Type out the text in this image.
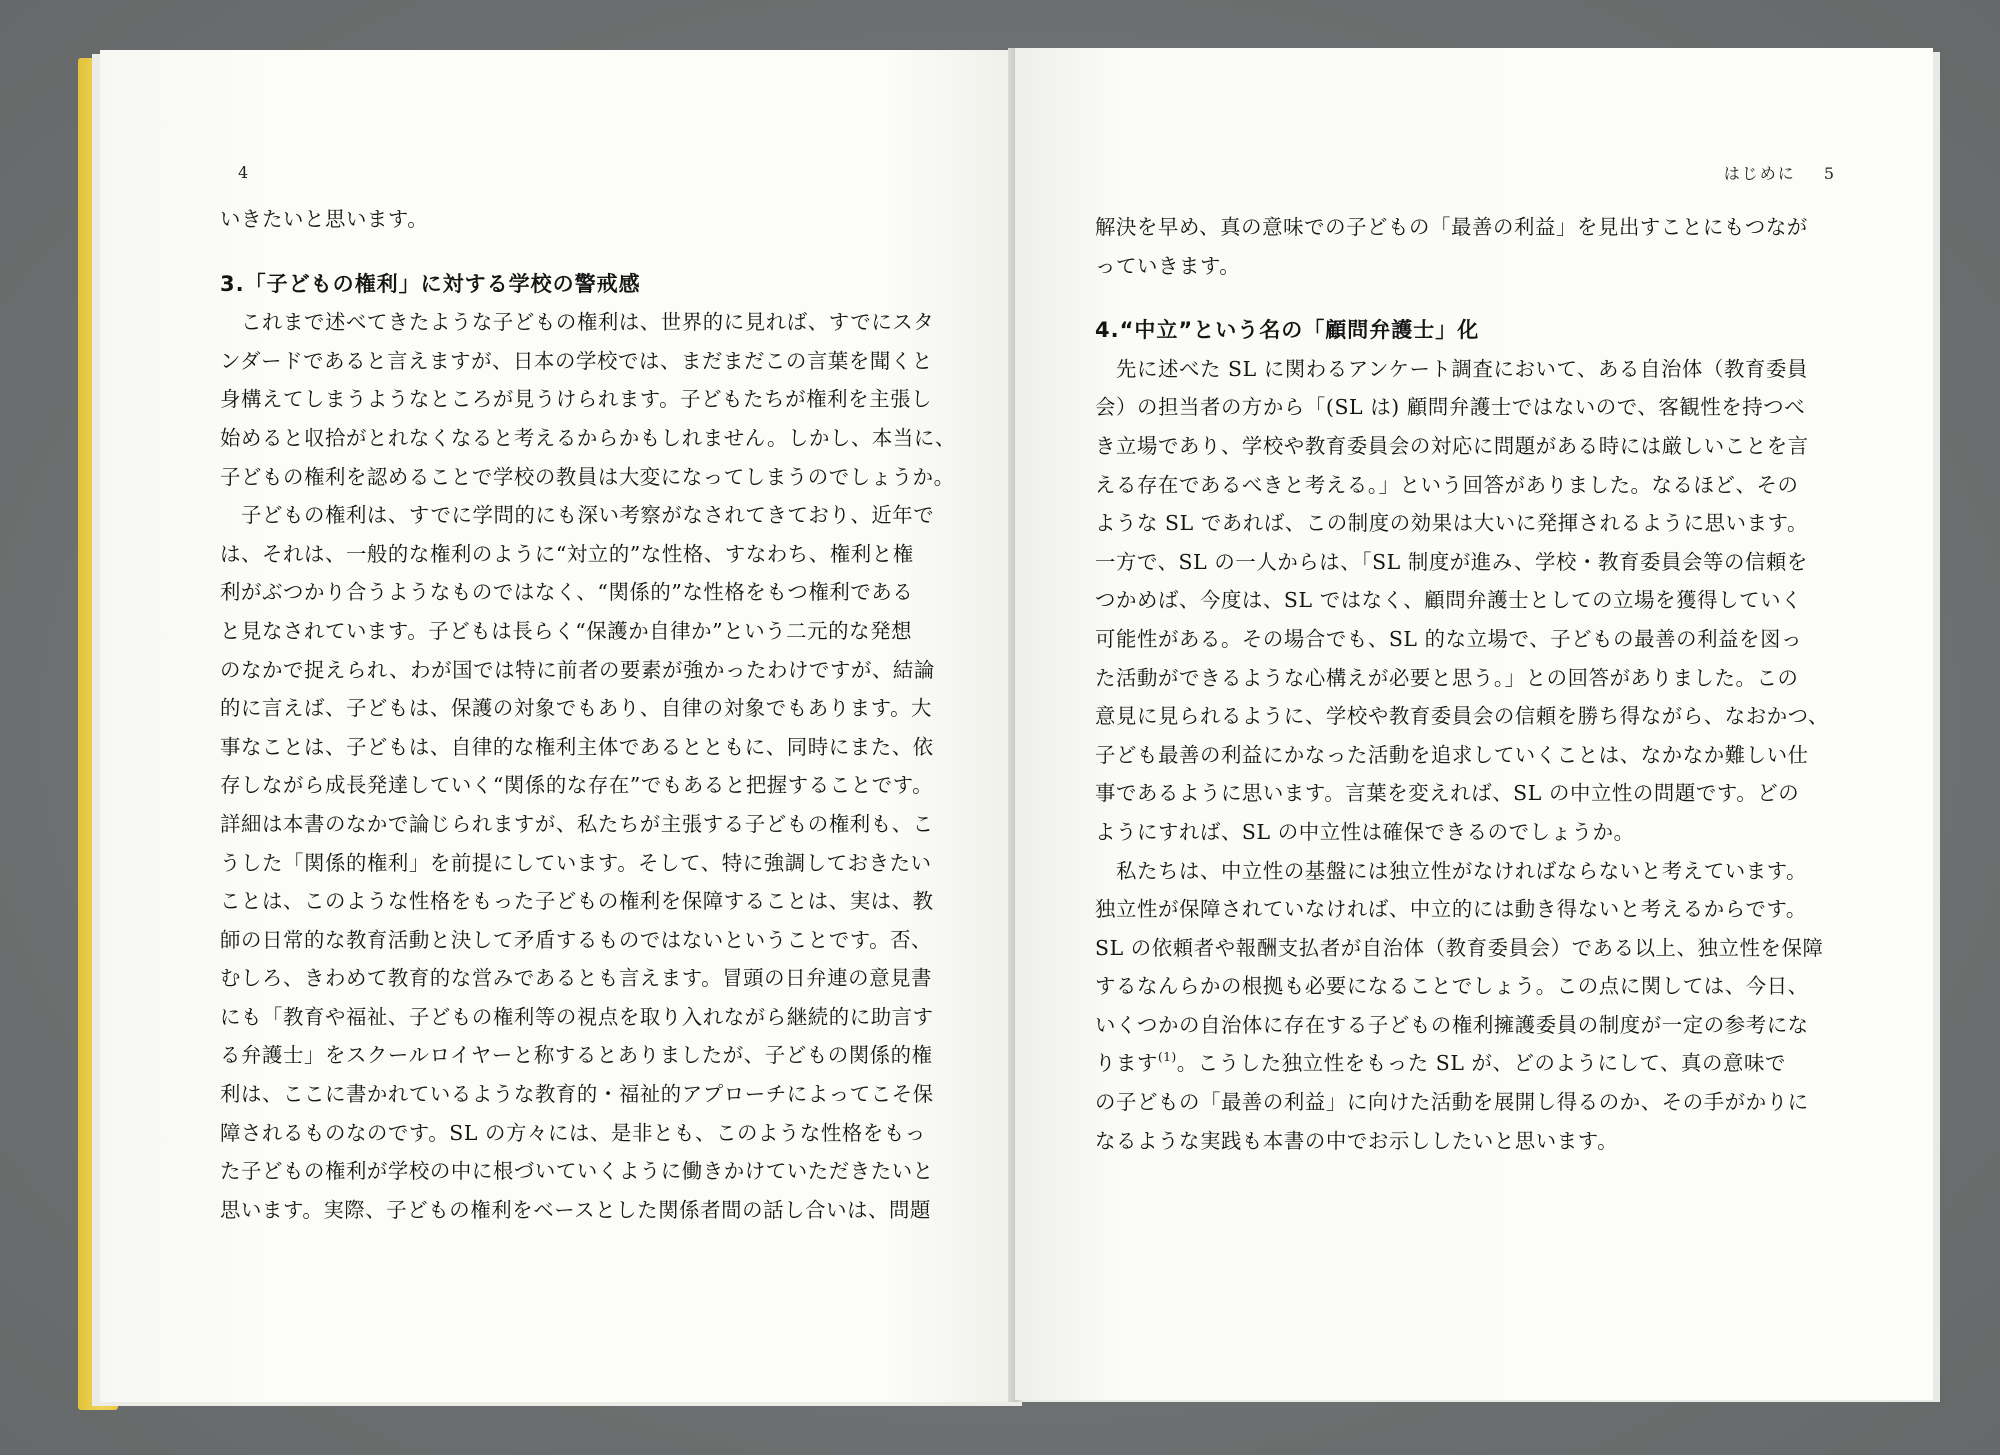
4
いきたいと思います。
3.「子どもの権利」に対する学校の警戒感
　これまで述べてきたような子どもの権利は、世界的に見れば、すでにスタ
ンダードであると言えますが、日本の学校では、まだまだこの言葉を聞くと
身構えてしまうようなところが見うけられます。子どもたちが権利を主張し
始めると収拾がとれなくなると考えるからかもしれません。しかし、本当に、
子どもの権利を認めることで学校の教員は大変になってしまうのでしょうか。
　子どもの権利は、すでに学問的にも深い考察がなされてきており、近年で
は、それは、一般的な権利のように“対立的”な性格、すなわち、権利と権
利がぶつかり合うようなものではなく、“関係的”な性格をもつ権利である
と見なされています。子どもは長らく“保護か自律か”という二元的な発想
のなかで捉えられ、わが国では特に前者の要素が強かったわけですが、結論
的に言えば、子どもは、保護の対象でもあり、自律の対象でもあります。大
事なことは、子どもは、自律的な権利主体であるとともに、同時にまた、依
存しながら成長発達していく“関係的な存在”でもあると把握することです。
詳細は本書のなかで論じられますが、私たちが主張する子どもの権利も、こ
うした「関係的権利」を前提にしています。そして、特に強調しておきたい
ことは、このような性格をもった子どもの権利を保障することは、実は、教
師の日常的な教育活動と決して矛盾するものではないということです。否、
むしろ、きわめて教育的な営みであるとも言えます。冒頭の日弁連の意見書
にも「教育や福祉、子どもの権利等の視点を取り入れながら継続的に助言す
る弁護士」をスクールロイヤーと称するとありましたが、子どもの関係的権
利は、ここに書かれているような教育的・福祉的アプローチによってこそ保
障されるものなのです。SL の方々には、是非とも、このような性格をもっ
た子どもの権利が学校の中に根づいていくように働きかけていただきたいと
思います。実際、子どもの権利をベースとした関係者間の話し合いは、問題
はじめに 5
解決を早め、真の意味での子どもの「最善の利益」を見出すことにもつなが
っていきます。
4.“中立”という名の「顧問弁護士」化
　先に述べた SL に関わるアンケート調査において、ある自治体（教育委員
会）の担当者の方から「(SL は) 顧問弁護士ではないので、客観性を持つべ
き立場であり、学校や教育委員会の対応に問題がある時には厳しいことを言
える存在であるべきと考える。」という回答がありました。なるほど、その
ような SL であれば、この制度の効果は大いに発揮されるように思います。
一方で、SL の一人からは、「SL 制度が進み、学校・教育委員会等の信頼を
つかめば、今度は、SL ではなく、顧問弁護士としての立場を獲得していく
可能性がある。その場合でも、SL 的な立場で、子どもの最善の利益を図っ
た活動ができるような心構えが必要と思う。」との回答がありました。この
意見に見られるように、学校や教育委員会の信頼を勝ち得ながら、なおかつ、
子ども最善の利益にかなった活動を追求していくことは、なかなか難しい仕
事であるように思います。言葉を変えれば、SL の中立性の問題です。どの
ようにすれば、SL の中立性は確保できるのでしょうか。
　私たちは、中立性の基盤には独立性がなければならないと考えています。
独立性が保障されていなければ、中立的には動き得ないと考えるからです。
SL の依頼者や報酬支払者が自治体（教育委員会）である以上、独立性を保障
するなんらかの根拠も必要になることでしょう。この点に関しては、今日、
いくつかの自治体に存在する子どもの権利擁護委員の制度が一定の参考にな
ります$^{(1)}$。こうした独立性をもった SL が、どのようにして、真の意味で
の子どもの「最善の利益」に向けた活動を展開し得るのか、その手がかりに
なるような実践も本書の中でお示ししたいと思います。
